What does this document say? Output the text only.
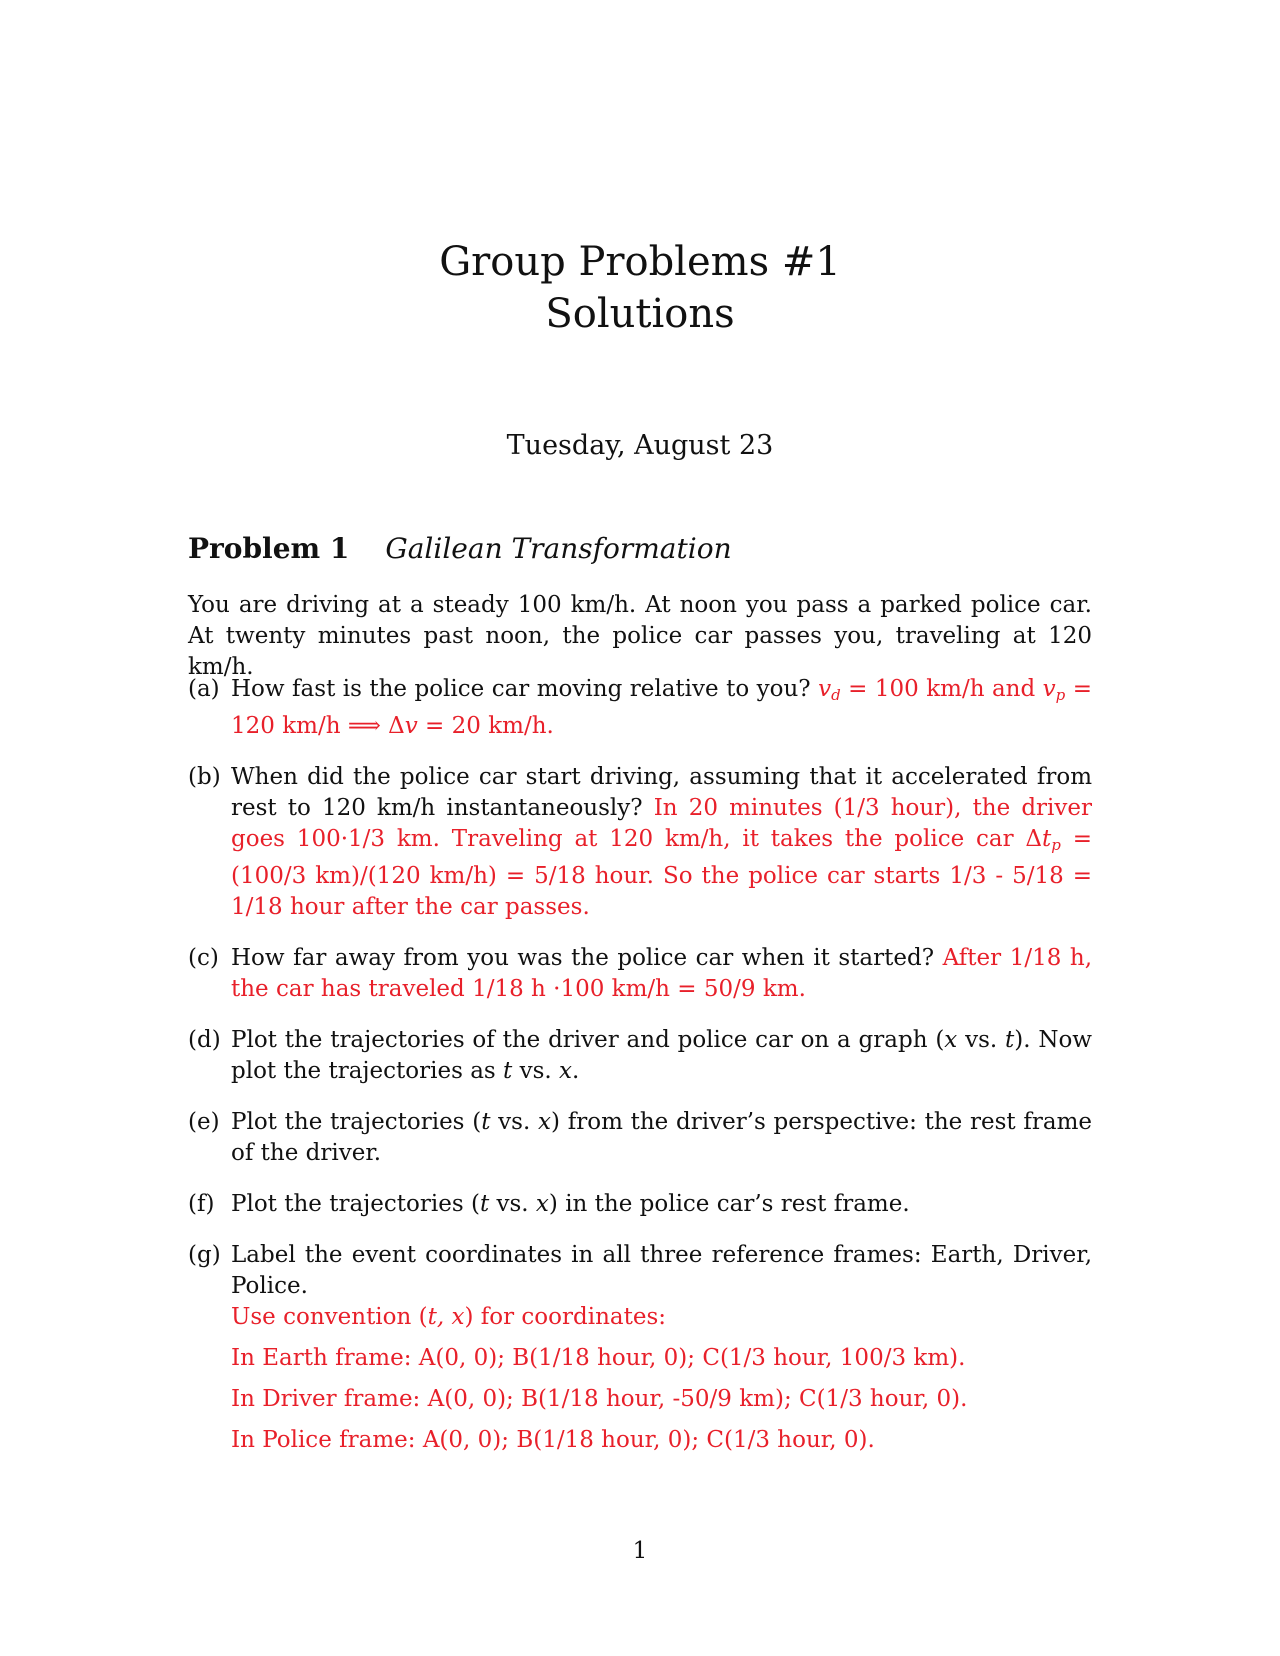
Group Problems #1
Solutions
Tuesday, August 23
Problem 1 Galilean Transformation
You are driving at a steady 100 km/h. At noon you pass a parked police car. At twenty minutes past noon, the police car passes you, traveling at 120 km/h.
(a) How fast is the police car moving relative to you? $v_d = 100$ km/h and $v_p = 120$ km/h ⟹ Δv = 20 km/h.
(b) When did the police car start driving, assuming that it accelerated from rest to 120 km/h instantaneously? In 20 minutes (1/3 hour), the driver goes 100·1/3 km. Traveling at 120 km/h, it takes the police car $\Delta t_p = (100/3$ km)/(120 km/h) = 5/18 hour. So the police car starts 1/3 - 5/18 = 1/18 hour after the car passes.
(c) How far away from you was the police car when it started? After 1/18 h, the car has traveled 1/18 h ·100 km/h = 50/9 km.
(d) Plot the trajectories of the driver and police car on a graph (x vs. t). Now plot the trajectories as t vs. x.
(e) Plot the trajectories (t vs. x) from the driver’s perspective: the rest frame of the driver.
(f) Plot the trajectories (t vs. x) in the police car’s rest frame.
(g) Label the event coordinates in all three reference frames: Earth, Driver, Police.
Use convention (t, x) for coordinates:
In Earth frame: A(0, 0); B(1/18 hour, 0); C(1/3 hour, 100/3 km).
In Driver frame: A(0, 0); B(1/18 hour, -50/9 km); C(1/3 hour, 0).
In Police frame: A(0, 0); B(1/18 hour, 0); C(1/3 hour, 0).
1
